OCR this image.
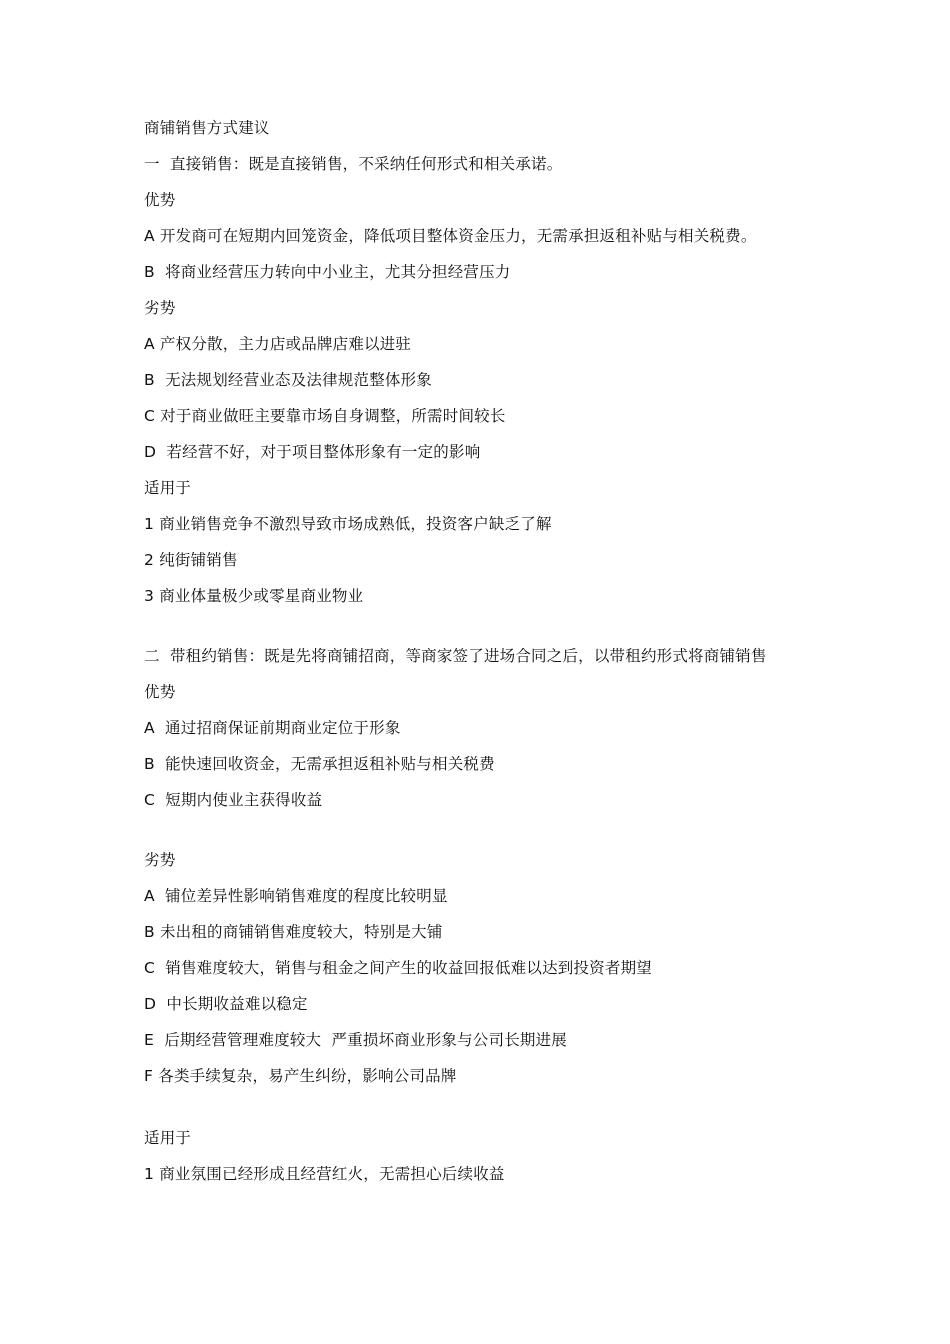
商铺销售方式建议
一  直接销售：既是直接销售，不采纳任何形式和相关承诺。
优势
A 开发商可在短期内回笼资金，降低项目整体资金压力，无需承担返租补贴与相关税费。
B  将商业经营压力转向中小业主，尤其分担经营压力
劣势
A 产权分散，主力店或品牌店难以进驻
B  无法规划经营业态及法律规范整体形象
C 对于商业做旺主要靠市场自身调整，所需时间较长
D  若经营不好，对于项目整体形象有一定的影响
适用于
1 商业销售竞争不激烈导致市场成熟低，投资客户缺乏了解
2 纯街铺销售
3 商业体量极少或零星商业物业
二  带租约销售：既是先将商铺招商，等商家签了进场合同之后，以带租约形式将商铺销售
优势
A  通过招商保证前期商业定位于形象
B  能快速回收资金，无需承担返租补贴与相关税费
C  短期内使业主获得收益
劣势
A  铺位差异性影响销售难度的程度比较明显
B 未出租的商铺销售难度较大，特别是大铺
C  销售难度较大，销售与租金之间产生的收益回报低难以达到投资者期望
D  中长期收益难以稳定
E  后期经营管理难度较大  严重损坏商业形象与公司长期进展
F 各类手续复杂，易产生纠纷，影响公司品牌
适用于
1 商业氛围已经形成且经营红火，无需担心后续收益
